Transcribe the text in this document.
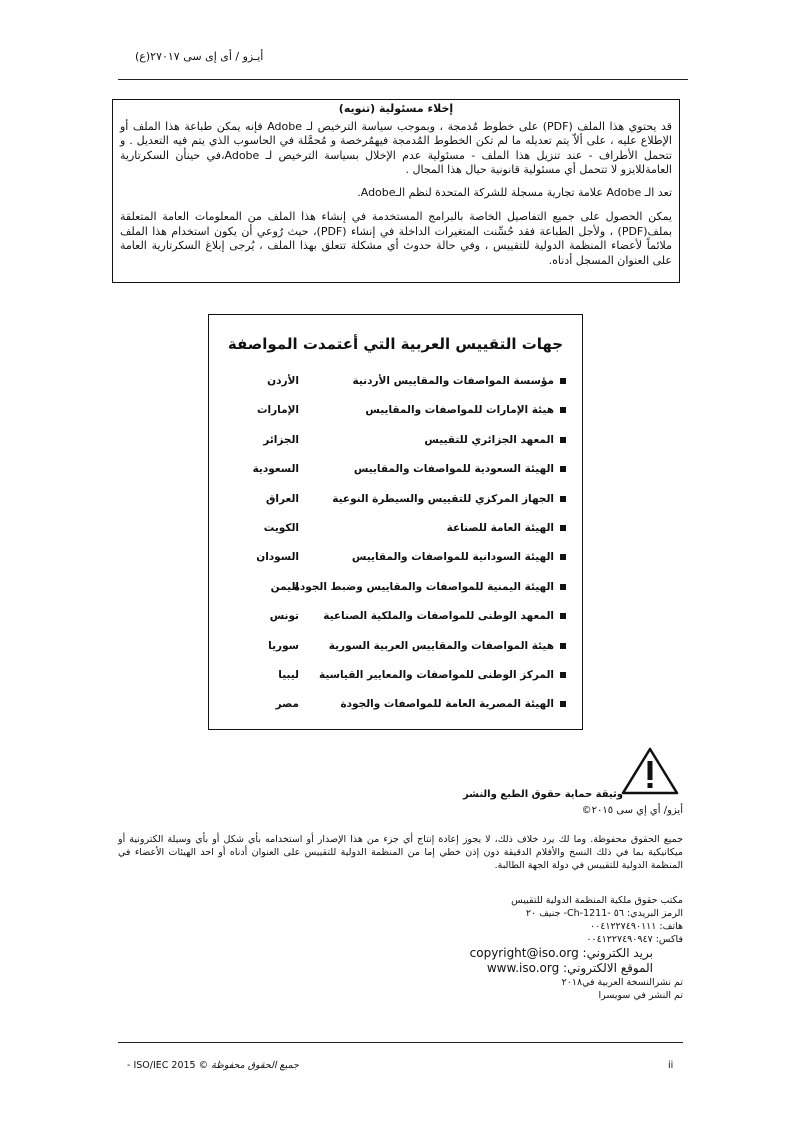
أيـزو / أى إى سى ٢٧٠١٧(ع)
إخلاء مسئولية (تنويه)

قد يحتوي هذا الملف (PDF) على خطوط مُدمجة ، وبموجب سياسة الترخيص لـ Adobe فإنه يمكن طباعة هذا الملف أو الإطلاع عليه ، على ألاّ يتم تعديله ما لم تكن الخطوط المُدمجة فيهمُرخصة و مُحمَّلة في الحاسوب الذي يتم فيه التعديل . و تتحمل الأطراف - عند تنزيل هذا الملف - مسئولية عدم الإخلال بسياسة الترخيص لـ Adobe،في حينأن السكرتارية العامةللايزو لا تتحمل أي مسئولية قانونية حيال هذا المجال .

تعد الـ Adobe علامة تجارية مسجلة للشركة المتحدة لنظم الـAdobe.

يمكن الحصول على جميع التفاصيل الخاصة بالبرامج المستخدمة في إنشاء هذا الملف من المعلومات العامة المتعلقة بملف(PDF) ، ولأجل الطباعة فقد حُسِّنت المتغيرات الداخلة في إنشاء (PDF)، حيث رُوعي أن يكون استخدام هذا الملف ملائماً لأعضاء المنظمة الدولية للتقييس ، وفي حالة حدوث أي مشكلة تتعلق بهذا الملف ، يُرجى إبلاغ السكرتارية العامة على العنوان المسجل أدناه.

جهات التقييس العربية التي أعتمدت المواصفة
مؤسسة المواصفات والمقاييس الأردنية
الأردن
هيئة الإمارات للمواصفات والمقاييس
الإمارات
المعهد الجزائري للتقييس
الجزائر
الهيئة السعودية للمواصفات والمقاييس
السعودية
الجهاز المركزي للتقييس والسيطرة النوعية
العراق
الهيئة العامة للصناعة
الكويت
الهيئة السودانية للمواصفات والمقاييس
السودان
الهيئة اليمنية للمواصفات والمقاييس وضبط الجودة
اليمن
المعهد الوطنى للمواصفات والملكية الصناعية
تونس
هيئة المواصفات والمقاييس العربية السورية
سوريا
المركز الوطنى للمواصفات والمعايير القياسية
ليبيا
الهيئة المصرية العامة للمواصفات والجودة
مصر
وثيقة حماية حقوق الطبع والنشر
أيزو/ أي إي سى ٢٠١٥©
جميع الحقوق محفوظة. وما لك يرد خلاف ذلك، لا يجوز إعادة إنتاج أي جزء من هذا الإصدار أو استخدامه بأي شكل أو بأي وسيلة الكترونية أو ميكانيكية بما في ذلك النسخ والأفلام الدقيقة دون إذن خطي إما من المنظمة الدولية للتقييس على العنوان أدناه أو احد الهيئات الأعضاء في المنظمة الدولية للتقييس في دولة الجهة الطالبة.
مكتب حقوق ملكية المنظمة الدولية للتقييس
الرمز البريدي: ٥٦ -Ch-1211- جنيف ٢٠
هاتف: ٠٠٤١٢٢٧٤٩٠١١١
فاكس: ٠٠٤١٢٢٧٤٩٠٩٤٧
بريد الكتروني: copyright@iso.org
الموقع الالكتروني: www.iso.org
تم نشرالنسخة العربية في٢٠١٨
تم النشر في سويسرا
جميع الحقوق محفوظة © ISO/IEC 2015 -	ii
